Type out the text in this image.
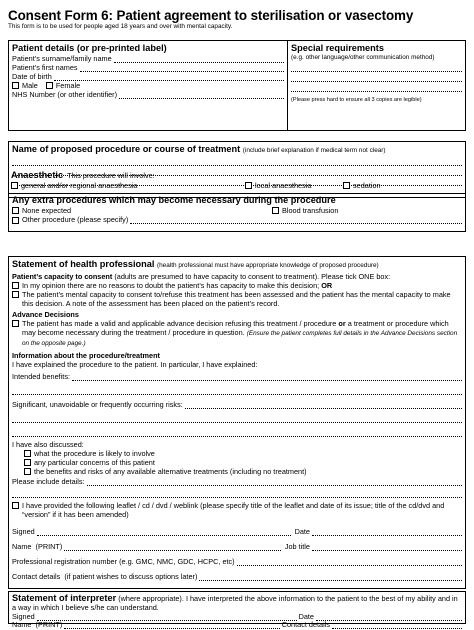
Consent Form 6: Patient agreement to sterilisation or vasectomy
This form is to be used for people aged 18 years and over with mental capacity.
Patient details (or pre-printed label)
Patient’s surname/family name
Patient’s first names
Date of birth
Male Female
NHS Number
(or other identifier)
Special requirements
(e.g. other language/other communication method)
(Please press hard to ensure all 3 copies are legible)
Name of proposed procedure or course of treatment (include brief explanation if medical term not clear)
Anaesthetic This procedure will involve:
general and/or regional anaesthesia	local anaesthesia	sedation
Any extra procedures which may become necessary during the procedure
None expected	Blood transfusion
Other procedure (please specify)
Statement of health professional (health professional must have appropriate knowledge of proposed procedure)
Patient’s capacity to consent (adults are presumed to have capacity to consent to treatment). Please tick ONE box:
In my opinion there are no reasons to doubt the patient’s has capacity to make this decision; OR
The patient’s mental capacity to consent to/refuse this treatment has been assessed and the patient has the mental capacity to make this decision. A note of the assessment has been placed on the patient’s record.
Advance Decisions
The patient has made a valid and applicable advance decision refusing this treatment / procedure or a treatment or procedure which may become necessary during the treatment / procedure in question. (Ensure the patient completes full details in the Advance Decisions section on the opposite page.)
Information about the procedure/treatment
I have explained the procedure to the patient. In particular, I have explained:
Intended benefits:
Significant, unavoidable or frequently occurring risks:
I have also discussed:
what the procedure is likely to involve
any particular concerns of this patient
the benefits and risks of any available alternative treatments (including no treatment)
Please include details:
I have provided the following leaflet / cd / dvd / weblink (please specify title of the leaflet and date of its issue; title of the cd/dvd and “version” if it has been amended)
Signed	Date
Name
(PRINT)	Job title
Professional registration number (e.g. GMC, NMC, GDC, HCPC, etc)
Contact details
(if patient wishes to discuss options later)
Statement of interpreter (where appropriate). I have interpreted the above information to the patient to the best of my ability and in a way in which I believe s/he can understand.
Signed	Date
Name
(PRINT)	Contact details
